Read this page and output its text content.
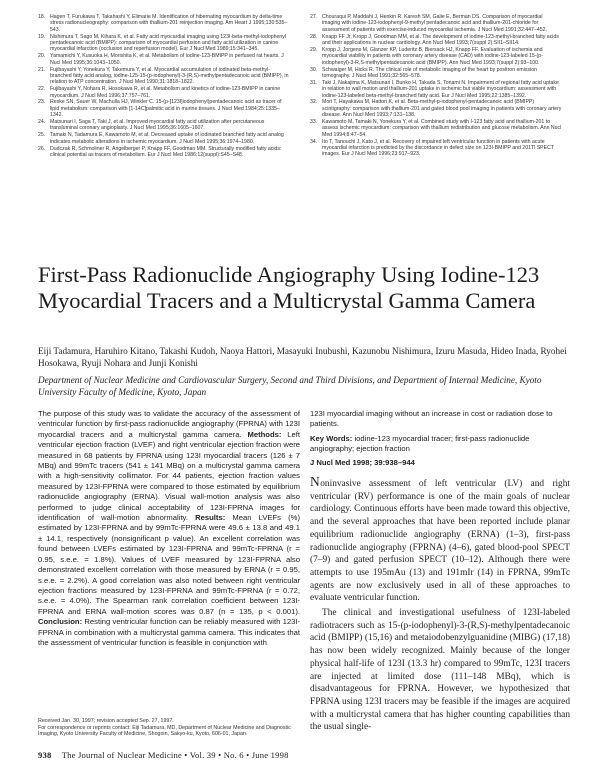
18. Hagen T, Furukawa T, Takahashi Y, Elimarie M. Identification of hibernating myocardium by delta-time stress radionucleography: comparison with thallium-201 reinjection imaging. Am Heart J 1995;130:535–543.
19. Nishimura T, Sago M, Kihara K, et al. Fatty acid myocardial imaging using 123I-beta-methyl-iodophenyl pentadecanoic acid (BMIPP): comparison of myocardial perfusion and fatty acid utilization in canine myocardial infarction (occlusion and reperfusion model). Eur J Nucl Med 1989;15:341–345.
20. Yamamichi Y, Kusuoka H, Morishita K, et al. Metabolism of iodine-123-BMIPP in perfused rat hearts. J Nucl Med 1995;36:1043–1050.
21. Fujibayashi Y, Yonekura Y, Takemura Y, et al. Myocardial accumulation of iodinated beta-methyl-branched fatty acid analog, iodine-125-15-(p-iodophenyl)-3-(R,S)-methylpentadecanoic acid (BMIPP), in relation to ATP concentration. J Nucl Med 1990;31:1818–1822.
22. Fujibayashi Y, Nohara R, Hosokawa R, et al. Metabolism and kinetics of iodine-123-BMIPP in canine myocardium. J Nucl Med 1996;37:757–761.
23. Reske SN, Sauer W, Machulla HJ, Winkler C. 15-(p-[123I]iodophenyl)pentadecanoic acid as tracer of lipid metabolism: comparison with [1-14C]palmitic acid in murine tissues. J Nucl Med 1984;25:1335–1342.
24. Matsunari I, Saga T, Taki J, et al. Improved myocardial fatty acid utilization after percutaneous transluminal coronary angioplasty. J Nucl Med 1995;36:1605–1607.
25. Tamaki N, Tadamura E, Kawamoto M, et al. Decreased uptake of iodinated branched fatty acid analog indicates metabolic alterations in ischemic myocardium. J Nucl Med 1995;36:1974–1980.
26. Dudczak R, Schmoliner R, Angelberger P, Knapp FF, Goodman MM. Structurally modified fatty acids: clinical potential as tracers of metabolism. Eur J Nucl Med 1986;12(suppl):S45–S48.
27. Chouraqui P, Maddahi J, Henkin R, Karesh SM, Galie E, Berman DS. Comparison of myocardial imaging with iodine-123-iodophenyl-9-methyl pentadecanoic acid and thallium-201-chloride for assessment of patients with exercise-induced myocardial ischemia. J Nucl Med 1991;32:447–452.
28. Knapp FF Jr, Kropp J, Goodman MM, et al. The development of iodine-123-methyl-branched fatty acids and their applications in nuclear cardiology. Ann Nucl Med 1993;7(suppl 2):SII1–SII14.
29. Kropp J, Jorgens M, Glanzer KP, Luderitz B, Biersack HJ, Knapp FF. Evaluation of ischemia and myocardial viability in patients with coronary artery disease (CAD) with iodine-123-labeled 15-(p-iodophenyl)-3-R,S-methylpentadecanoic acid (BMIPP). Ann Nucl Med 1993;7(suppl 2):93–100.
30. Schwaiger M, Hicks R. The clinical role of metabolic imaging of the heart by positron emission tomography. J Nucl Med 1991;32:565–578.
31. Taki J, Nakajima K, Matsunari I, Bunko H, Takada S, Tonami N. Impairment of regional fatty acid uptake in relation to wall motion and thallium-201 uptake in ischemic but viable myocardium: assessment with iodine-123-labeled beta-methyl-branched fatty acid. Eur J Nucl Med 1995;22:1385–1392.
32. Mori T, Hayakawa M, Hattori K, et al. Beta-methyl-p-iodophenyl-pentadecanoic acid (BMIPP) scintigraphy: comparison with thallium-201 and gated blood pool imaging in patients with coronary artery disease. Ann Nucl Med 1993;7:131–138.
33. Kawamoto M, Tamaki N, Yonekura Y, et al. Combined study with I-123 fatty acid and thallium-201 to assess ischemic myocardium: comparison with thallium redistribution and glucose metabolism. Ann Nucl Med 1994;8:47–54.
34. Ito T, Tanouchi J, Kato J, et al. Recovery of impaired left ventricular function in patients with acute myocardial infarction is predicted by the discordance in defect size on 123I-BMIPP and 201Tl SPECT images. Eur J Nucl Med 1996;23:917–923.
First-Pass Radionuclide Angiography Using Iodine-123 Myocardial Tracers and a Multicrystal Gamma Camera
Eiji Tadamura, Haruhiro Kitano, Takashi Kudoh, Naoya Hattori, Masayuki Inubushi, Kazunobu Nishimura, Izuru Masuda, Hideo Inada, Ryohei Hosokawa, Ryuji Nohara and Junji Konishi
Department of Nuclear Medicine and Cardiovascular Surgery, Second and Third Divisions, and Department of Internal Medicine, Kyoto University Faculty of Medicine, Kyoto, Japan
The purpose of this study was to validate the accuracy of the assessment of ventricular function by first-pass radionuclide angiography (FPRNA) with 123I myocardial tracers and a multicrystal gamma camera. Methods: Left ventricular ejection fraction (LVEF) and right ventricular ejection fraction were measured in 68 patients by FPRNA using 123I myocardial tracers (126 ± 7 MBq) and 99mTc tracers (541 ± 141 MBq) on a multicrystal gamma camera with a high-sensitivity collimator. For 44 patients, ejection fraction values measured by 123I-FPRNA were compared to those estimated by equilibrium radionuclide angiography (ERNA). Visual wall-motion analysis was also performed to judge clinical acceptability of 123I-FPRNA images for identification of wall-motion abnormality. Results: Mean LVEFs (%) estimated by 123I-FPRNA and by 99mTc-FPRNA were 49.6 ± 13.8 and 49.1 ± 14.1, respectively (nonsignificant p value). An excellent correlation was found between LVEFs estimated by 123I-FPRNA and 99mTc-FPRNA (r = 0.95, s.e.e. = 1.8%). Values of LVEF measured by 123I-FPRNA also demonstrated excellent correlation with those measured by ERNA (r = 0.95, s.e.e. = 2.2%). A good correlation was also noted between right ventricular ejection fractions measured by 123I-FPRNA and 99mTc-FPRNA (r = 0.72, s.e.e. = 4.0%). The Spearman rank correlation coefficient between 123I-FPRNA and ERNA wall-motion scores was 0.87 (n = 135, p < 0.001). Conclusion: Resting ventricular function can be reliably measured with 123I-FPRNA in combination with a multicrystal gamma camera. This indicates that the assessment of ventricular function is feasible in conjunction with
Received Jan. 30, 1997; revision accepted Sep. 27, 1997.
For correspondence or reprints contact: Eiji Tadamura, MD, Department of Nuclear Medicine and Diagnostic Imaging, Kyoto University Faculty of Medicine, Shogoin, Sakyo-ku, Kyoto, 606-01, Japan.
123I myocardial imaging without an increase in cost or radiation dose to patients.
Key Words: iodine-123 myocardial tracer; first-pass radionuclide angiography; ejection fraction
J Nucl Med 1998; 39:938–944

Noninvasive assessment of left ventricular (LV) and right ventricular (RV) performance is one of the main goals of nuclear cardiology. Continuous efforts have been made toward this objective, and the several approaches that have been reported include planar equilibrium radionuclide angiography (ERNA) (1–3), first-pass radionuclide angiography (FPRNA) (4–6), gated blood-pool SPECT (7–9) and gated perfusion SPECT (10–12). Although there were attempts to use 195mAu (13) and 191mIr (14) in FPRNA, 99mTc agents are now exclusively used in all of these approaches to evaluate ventricular function.

The clinical and investigational usefulness of 123I-labeled radiotracers such as 15-(p-iodophenyl)-3-(R,S)-methylpentadecanoic acid (BMIPP) (15,16) and metaiodobenzylguanidine (MIBG) (17,18) has now been widely recognized. Mainly because of the longer physical half-life of 123I (13.3 hr) compared to 99mTc, 123I tracers are injected at limited dose (111–148 MBq), which is disadvantageous for FPRNA. However, we hypothesized that FPRNA using 123I tracers may be feasible if the images are acquired with a multicrystal camera that has higher counting capabilities than the usual single-

938 The Journal of Nuclear Medicine • Vol. 39 • No. 6 • June 1998
